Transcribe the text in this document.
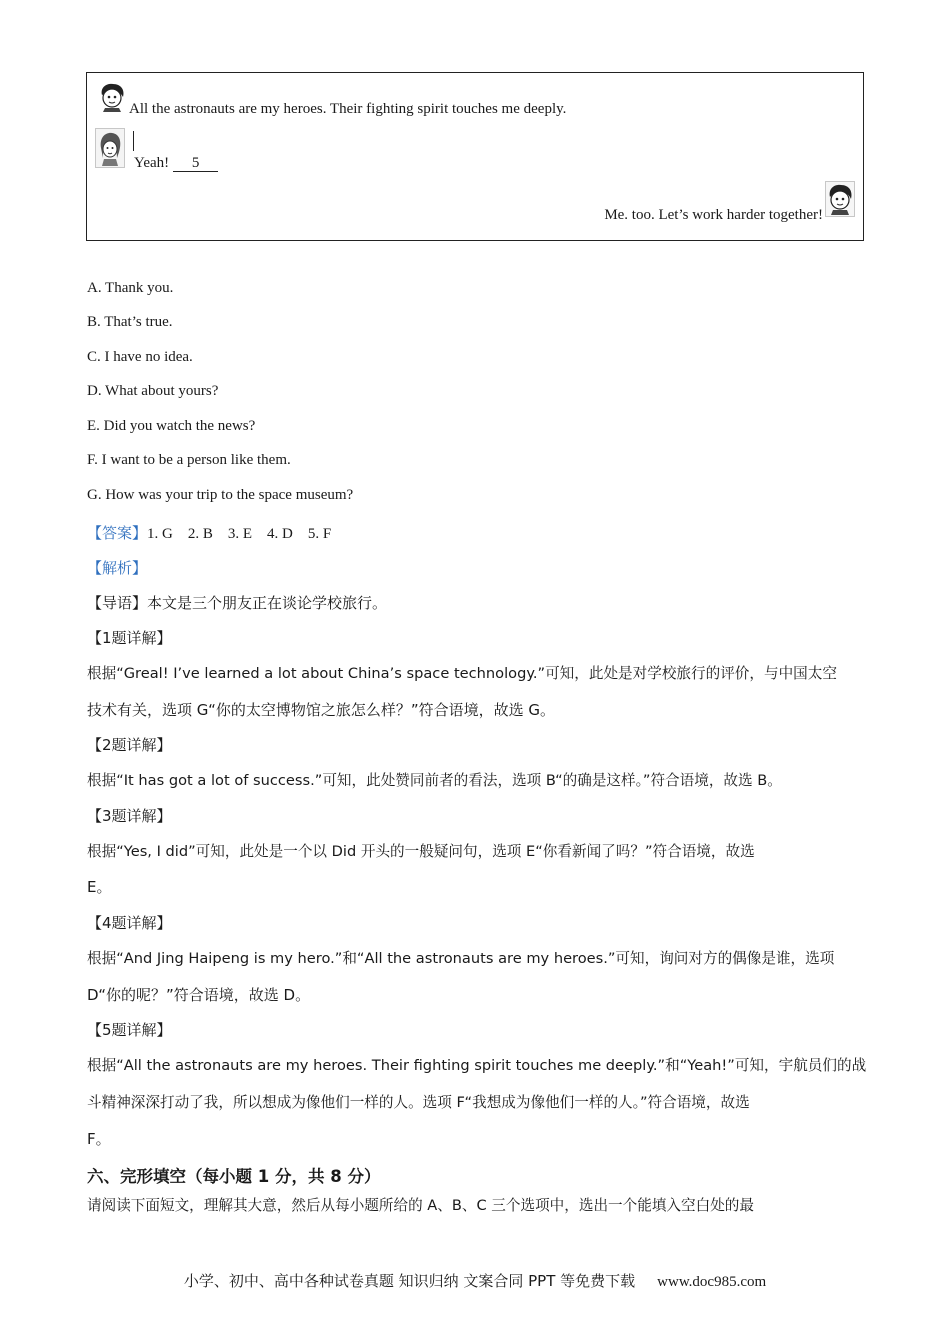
All the astronauts are my heroes. Their fighting spirit touches me deeply.
Yeah! 5
Me. too. Let’s work harder together!
A. Thank you.
B. That’s true.
C. I have no idea.
D. What about yours?
E. Did you watch the news?
F. I want to be a person like them.
G. How was your trip to the space museum?
【答案】1. G    2. B    3. E    4. D    5. F
【解析】
【导语】本文是三个朋友正在谈论学校旅行。
【1题详解】
根据“Greal! I’ve learned a lot about China’s space technology.”可知，此处是对学校旅行的评价，与中国太空
技术有关，选项 G“你的太空博物馆之旅怎么样？”符合语境，故选 G。
【2题详解】
根据“It has got a lot of success.”可知，此处赞同前者的看法，选项 B“的确是这样。”符合语境，故选 B。
【3题详解】
根据“Yes, I did”可知，此处是一个以 Did 开头的一般疑问句，选项 E“你看新闻了吗？”符合语境，故选
E。
【4题详解】
根据“And Jing Haipeng is my hero.”和“All the astronauts are my heroes.”可知，询问对方的偶像是谁，选项
D“你的呢？”符合语境，故选 D。
【5题详解】
根据“All the astronauts are my heroes. Their fighting spirit touches me deeply.”和“Yeah!”可知，宇航员们的战
斗精神深深打动了我，所以想成为像他们一样的人。选项 F“我想成为像他们一样的人。”符合语境，故选
F。
六、完形填空（每小题 1 分，共 8 分）
请阅读下面短文，理解其大意，然后从每小题所给的 A、B、C 三个选项中，选出一个能填入空白处的最
小学、初中、高中各种试卷真题 知识归纳 文案合同 PPT 等免费下载 www.doc985.com
